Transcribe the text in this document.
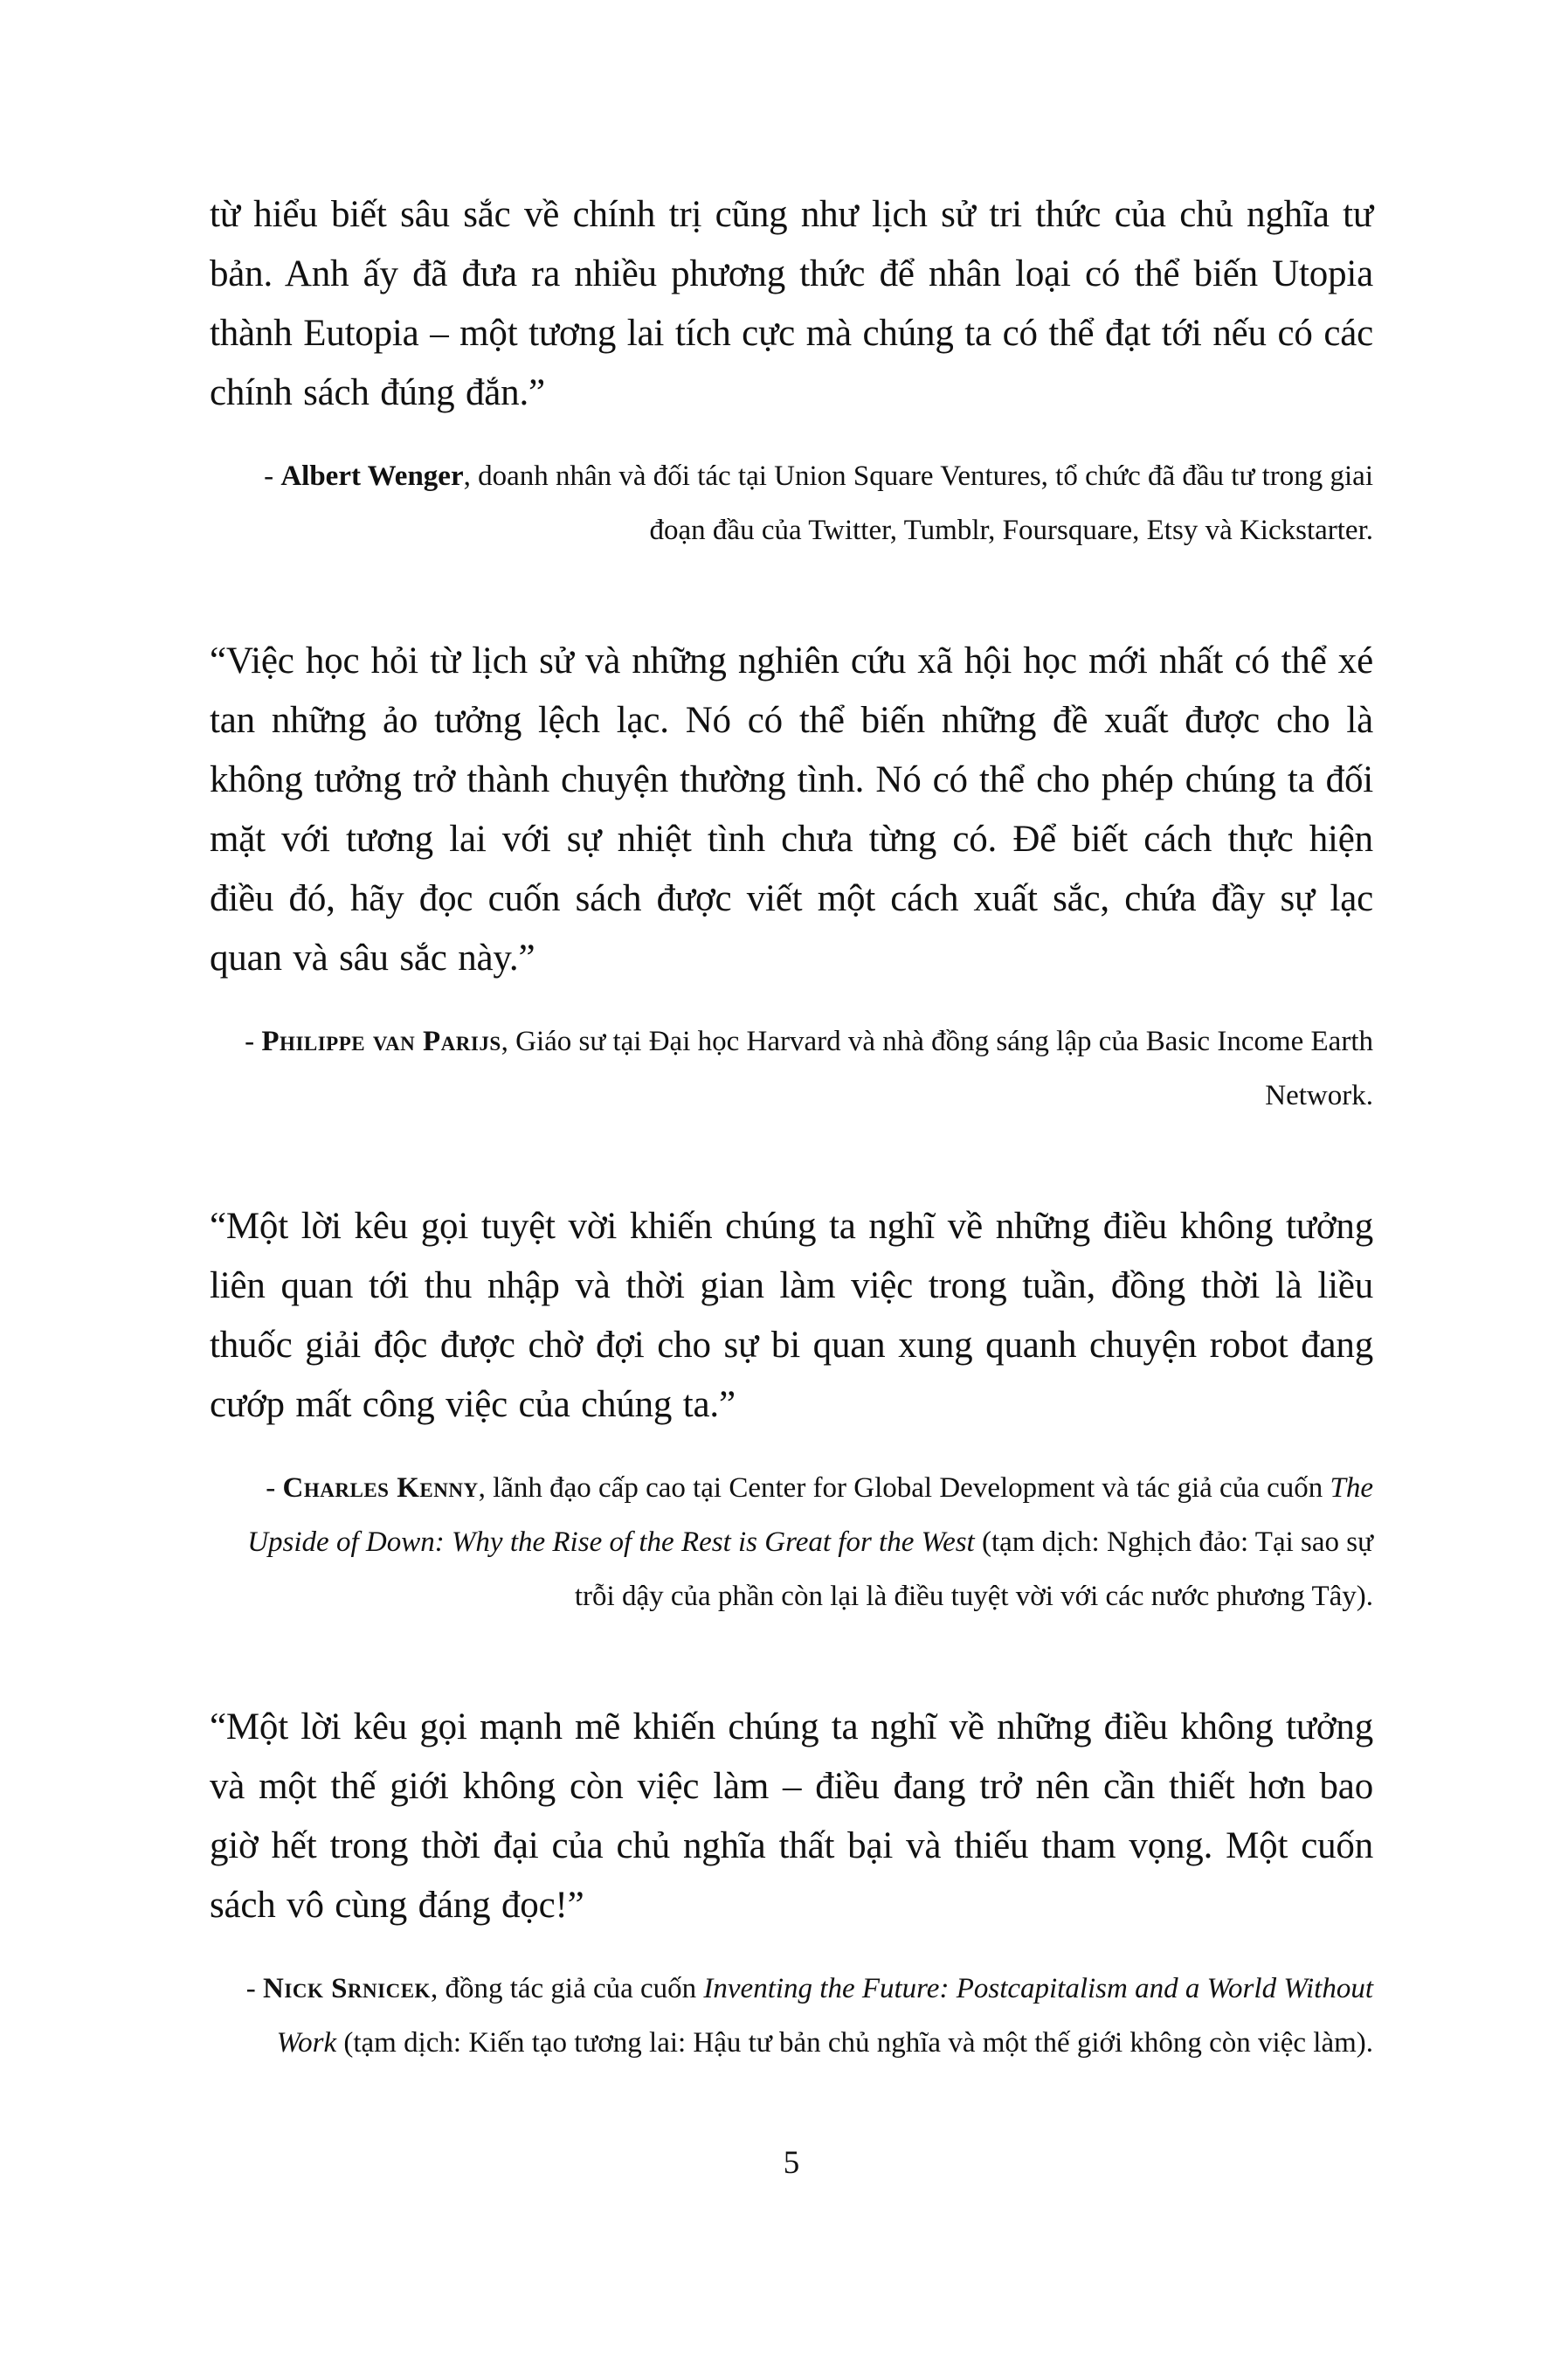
từ hiểu biết sâu sắc về chính trị cũng như lịch sử tri thức của chủ nghĩa tư bản. Anh ấy đã đưa ra nhiều phương thức để nhân loại có thể biến Utopia thành Eutopia – một tương lai tích cực mà chúng ta có thể đạt tới nếu có các chính sách đúng đắn.”

- Albert Wenger, doanh nhân và đối tác tại Union Square Ventures, tổ chức đã đầu tư trong giai đoạn đầu của Twitter, Tumblr, Foursquare, Etsy và Kickstarter.

“Việc học hỏi từ lịch sử và những nghiên cứu xã hội học mới nhất có thể xé tan những ảo tưởng lệch lạc. Nó có thể biến những đề xuất được cho là không tưởng trở thành chuyện thường tình. Nó có thể cho phép chúng ta đối mặt với tương lai với sự nhiệt tình chưa từng có. Để biết cách thực hiện điều đó, hãy đọc cuốn sách được viết một cách xuất sắc, chứa đầy sự lạc quan và sâu sắc này.”

- Philippe van Parijs, Giáo sư tại Đại học Harvard và nhà đồng sáng lập của Basic Income Earth Network.

“Một lời kêu gọi tuyệt vời khiến chúng ta nghĩ về những điều không tưởng liên quan tới thu nhập và thời gian làm việc trong tuần, đồng thời là liều thuốc giải độc được chờ đợi cho sự bi quan xung quanh chuyện robot đang cướp mất công việc của chúng ta.”

- Charles Kenny, lãnh đạo cấp cao tại Center for Global Development và tác giả của cuốn The Upside of Down: Why the Rise of the Rest is Great for the West (tạm dịch: Nghịch đảo: Tại sao sự trỗi dậy của phần còn lại là điều tuyệt vời với các nước phương Tây).

“Một lời kêu gọi mạnh mẽ khiến chúng ta nghĩ về những điều không tưởng và một thế giới không còn việc làm – điều đang trở nên cần thiết hơn bao giờ hết trong thời đại của chủ nghĩa thất bại và thiếu tham vọng. Một cuốn sách vô cùng đáng đọc!”

- Nick Srnicek, đồng tác giả của cuốn Inventing the Future: Postcapitalism and a World Without Work (tạm dịch: Kiến tạo tương lai: Hậu tư bản chủ nghĩa và một thế giới không còn việc làm).

5
